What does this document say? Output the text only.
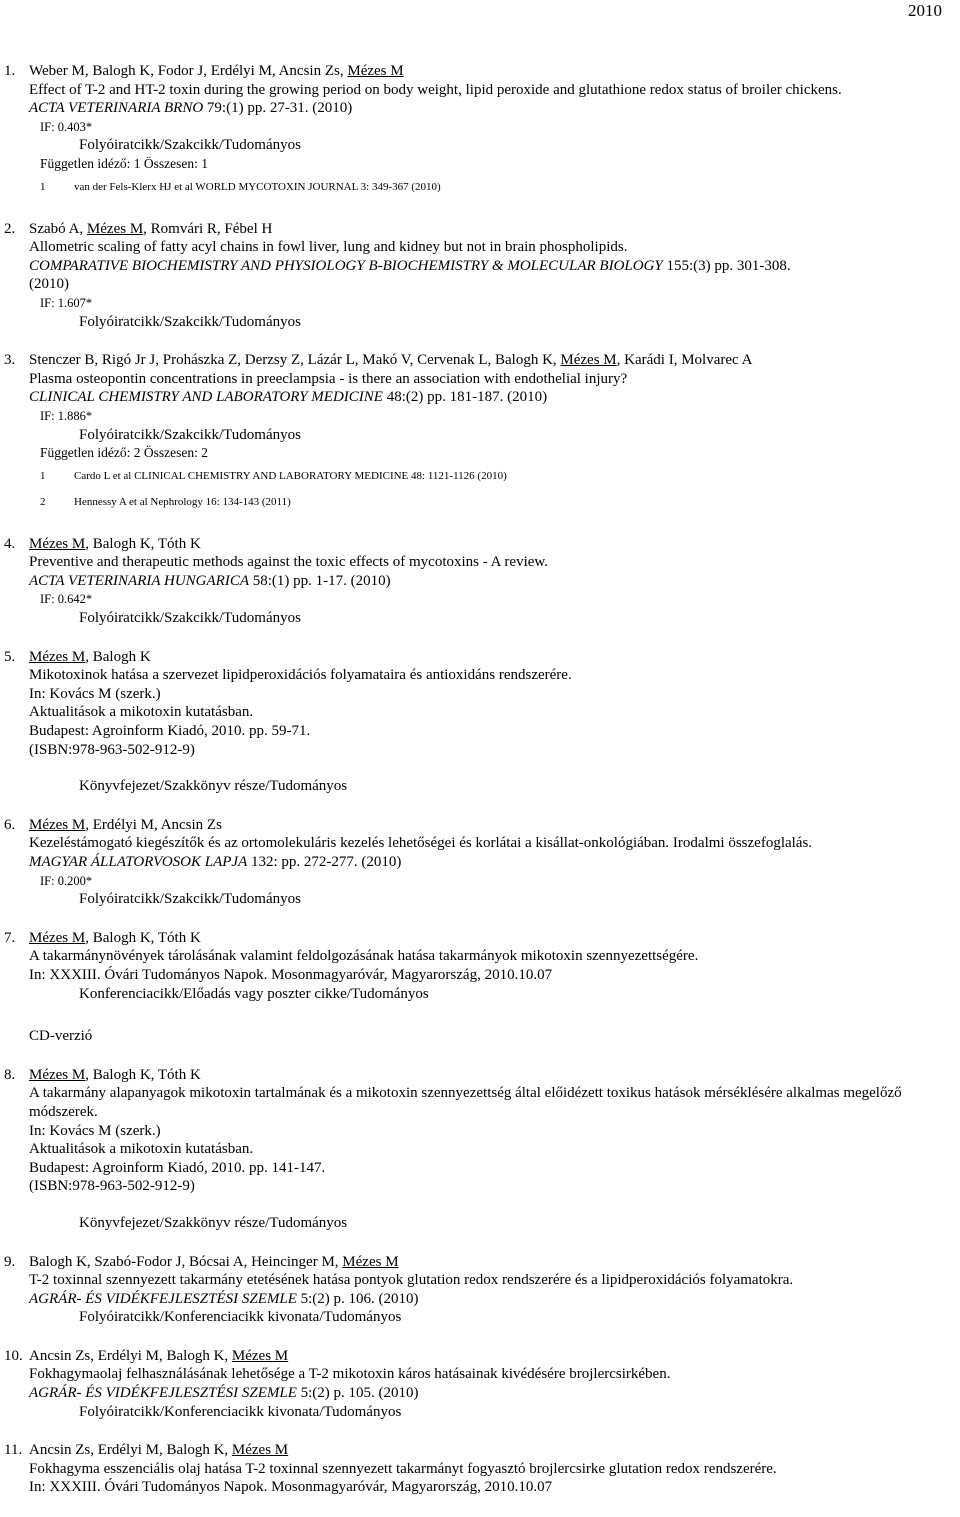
2010
1. Weber M, Balogh K, Fodor J, Erdélyi M, Ancsin Zs, Mézes M
Effect of T-2 and HT-2 toxin during the growing period on body weight, lipid peroxide and glutathione redox status of broiler chickens.
ACTA VETERINARIA BRNO 79:(1) pp. 27-31. (2010)
IF: 0.403*
Folyóiratcikk/Szakcikk/Tudományos
Független idéző: 1 Összesen: 1
1	van der Fels-Klerx HJ et al WORLD MYCOTOXIN JOURNAL 3: 349-367 (2010)
2. Szabó A, Mézes M, Romvári R, Fébel H
Allometric scaling of fatty acyl chains in fowl liver, lung and kidney but not in brain phospholipids.
COMPARATIVE BIOCHEMISTRY AND PHYSIOLOGY B-BIOCHEMISTRY & MOLECULAR BIOLOGY 155:(3) pp. 301-308.
(2010)
IF: 1.607*
Folyóiratcikk/Szakcikk/Tudományos
3. Stenczer B, Rigó Jr J, Prohászka Z, Derzsy Z, Lázár L, Makó V, Cervenak L, Balogh K, Mézes M, Karádi I, Molvarec A
Plasma osteopontin concentrations in preeclampsia - is there an association with endothelial injury?
CLINICAL CHEMISTRY AND LABORATORY MEDICINE 48:(2) pp. 181-187. (2010)
IF: 1.886*
Folyóiratcikk/Szakcikk/Tudományos
Független idéző: 2 Összesen: 2
1	Cardo L et al CLINICAL CHEMISTRY AND LABORATORY MEDICINE 48: 1121-1126 (2010)
2	Hennessy A et al Nephrology 16: 134-143 (2011)
4. Mézes M, Balogh K, Tóth K
Preventive and therapeutic methods against the toxic effects of mycotoxins - A review.
ACTA VETERINARIA HUNGARICA 58:(1) pp. 1-17. (2010)
IF: 0.642*
Folyóiratcikk/Szakcikk/Tudományos
5. Mézes M, Balogh K
Mikotoxinok hatása a szervezet lipidperoxidációs folyamataira és antioxidáns rendszerére.
In: Kovács M (szerk.)
Aktualitások a mikotoxin kutatásban.
Budapest: Agroinform Kiadó, 2010. pp. 59-71.
(ISBN:978-963-502-912-9)
Könyvfejezet/Szakkönyv része/Tudományos
6. Mézes M, Erdélyi M, Ancsin Zs
Kezeléstámogató kiegészítők és az ortomolekuláris kezelés lehetőségei és korlátai a kisállat-onkológiában. Irodalmi összefoglalás.
MAGYAR ÁLLATORVOSOK LAPJA 132: pp. 272-277. (2010)
IF: 0.200*
Folyóiratcikk/Szakcikk/Tudományos
7. Mézes M, Balogh K, Tóth K
A takarmánynövények tárolásának valamint feldolgozásának hatása takarmányok mikotoxin szennyezettségére.
In: XXXIII. Óvári Tudományos Napok. Mosonmagyaróvár, Magyarország, 2010.10.07
Konferenciacikk/Előadás vagy poszter cikke/Tudományos
CD-verzió
8. Mézes M, Balogh K, Tóth K
A takarmány alapanyagok mikotoxin tartalmának és a mikotoxin szennyezettség által előidézett toxikus hatások mérséklésére alkalmas megelőző módszerek.
In: Kovács M (szerk.)
Aktualitások a mikotoxin kutatásban.
Budapest: Agroinform Kiadó, 2010. pp. 141-147.
(ISBN:978-963-502-912-9)
Könyvfejezet/Szakkönyv része/Tudományos
9. Balogh K, Szabó-Fodor J, Bócsai A, Heincinger M, Mézes M
T-2 toxinnal szennyezett takarmány etetésének hatása pontyok glutation redox rendszerére és a lipidperoxidációs folyamatokra.
AGRÁR- ÉS VIDÉKFEJLESZTÉSI SZEMLE 5:(2) p. 106. (2010)
Folyóiratcikk/Konferenciacikk kivonata/Tudományos
10. Ancsin Zs, Erdélyi M, Balogh K, Mézes M
Fokhagymaolaj felhasználásának lehetősége a T-2 mikotoxin káros hatásainak kivédésére brojlercsirkében.
AGRÁR- ÉS VIDÉKFEJLESZTÉSI SZEMLE 5:(2) p. 105. (2010)
Folyóiratcikk/Konferenciacikk kivonata/Tudományos
11. Ancsin Zs, Erdélyi M, Balogh K, Mézes M
Fokhagyma esszenciális olaj hatása T-2 toxinnal szennyezett takarmányt fogyasztó brojlercsirke glutation redox rendszerére.
In: XXXIII. Óvári Tudományos Napok. Mosonmagyaróvár, Magyarország, 2010.10.07
